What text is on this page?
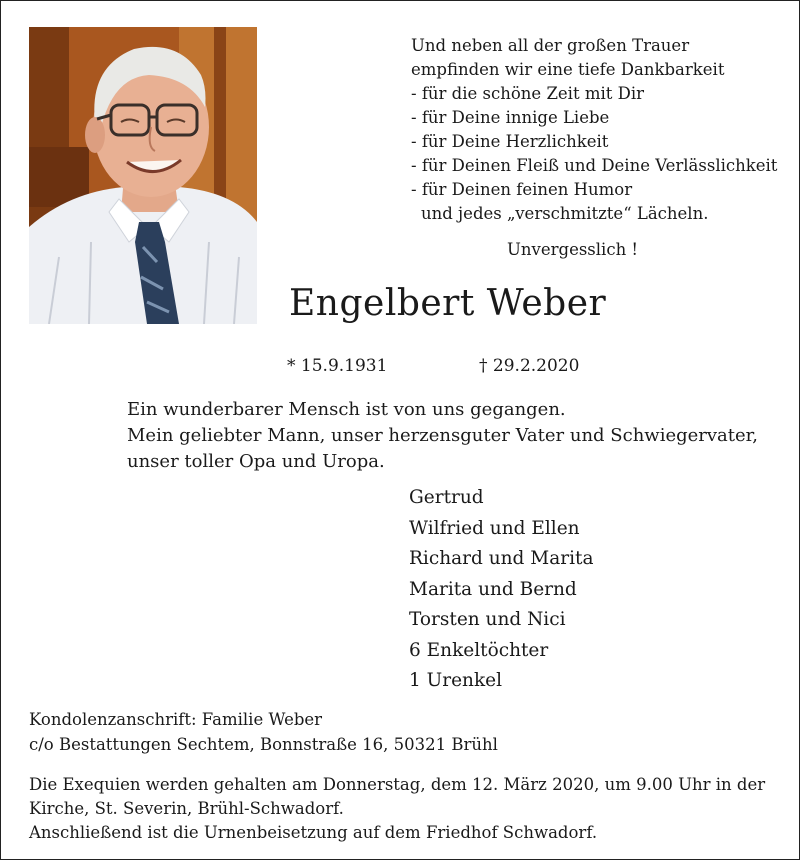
Und neben all der großen Trauer
empfinden wir eine tiefe Dankbarkeit
- für die schöne Zeit mit Dir
- für Deine innige Liebe
- für Deine Herzlichkeit
- für Deinen Fleiß und Deine Verlässlichkeit
- für Deinen feinen Humor
und jedes „verschmitzte“ Lächeln.
Unvergesslich !
Engelbert Weber
* 15.9.1931	† 29.2.2020
Ein wunderbarer Mensch ist von uns gegangen.
Mein geliebter Mann, unser herzensguter Vater und Schwiegervater,
unser toller Opa und Uropa.
Gertrud
Wilfried und Ellen
Richard und Marita
Marita und Bernd
Torsten und Nici
6 Enkeltöchter
1 Urenkel
Kondolenzanschrift: Familie Weber
c/o Bestattungen Sechtem, Bonnstraße 16, 50321 Brühl
Die Exequien werden gehalten am Donnerstag, dem 12. März 2020, um 9.00 Uhr in der
Kirche, St. Severin, Brühl-Schwadorf.
Anschließend ist die Urnenbeisetzung auf dem Friedhof Schwadorf.
